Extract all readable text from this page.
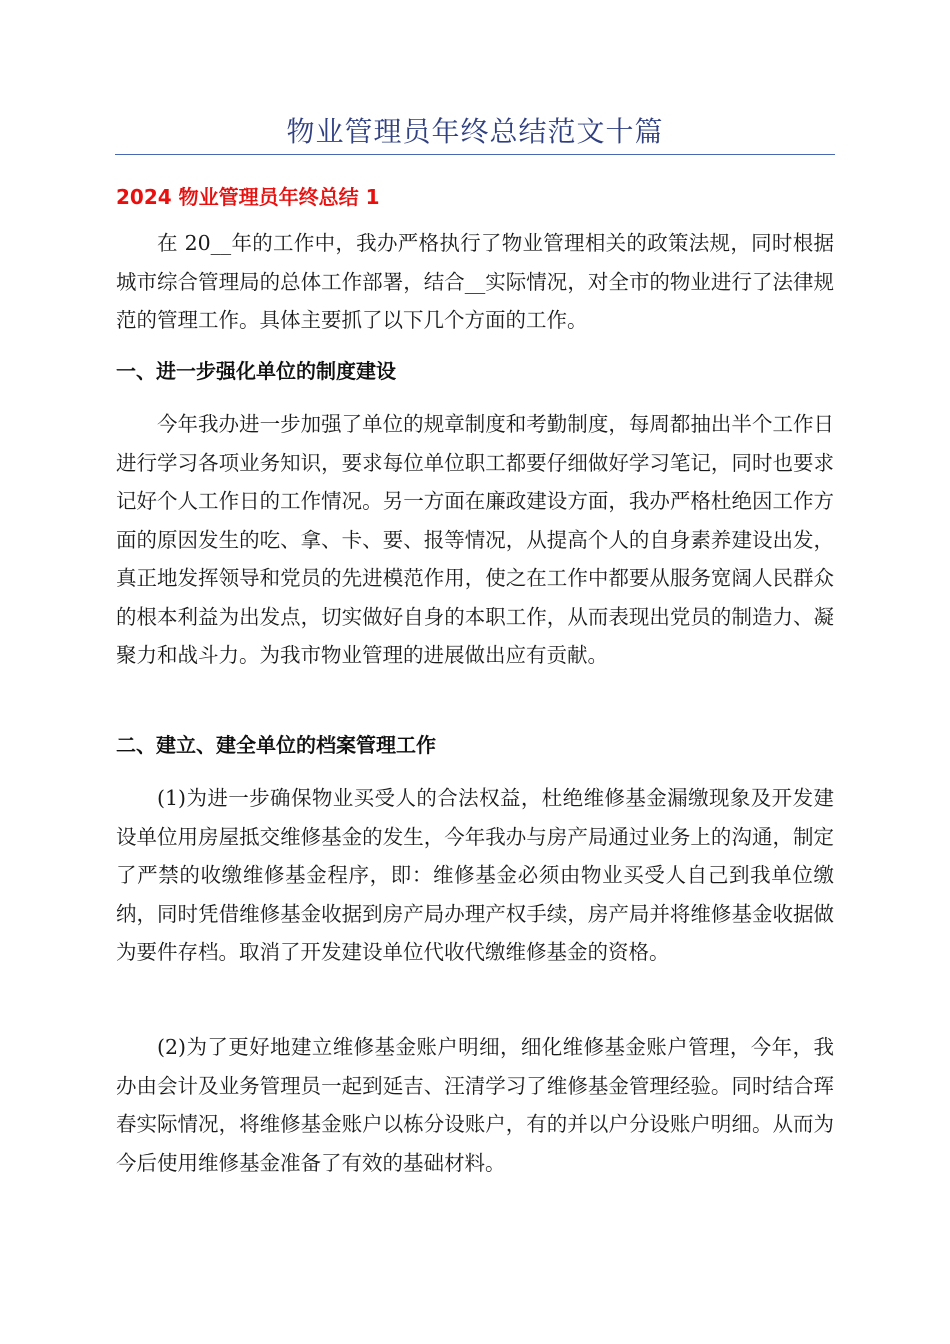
物业管理员年终总结范文十篇
2024 物业管理员年终总结 1

在 20__年的工作中，我办严格执行了物业管理相关的政策法规，同时根据城市综合管理局的总体工作部署，结合__实际情况，对全市的物业进行了法律规范的管理工作。具体主要抓了以下几个方面的工作。

一、进一步强化单位的制度建设

今年我办进一步加强了单位的规章制度和考勤制度，每周都抽出半个工作日进行学习各项业务知识，要求每位单位职工都要仔细做好学习笔记，同时也要求记好个人工作日的工作情况。另一方面在廉政建设方面，我办严格杜绝因工作方面的原因发生的吃、拿、卡、要、报等情况，从提高个人的自身素养建设出发，真正地发挥领导和党员的先进模范作用，使之在工作中都要从服务宽阔人民群众的根本利益为出发点，切实做好自身的本职工作，从而表现出党员的制造力、凝聚力和战斗力。为我市物业管理的进展做出应有贡献。

二、建立、建全单位的档案管理工作

(1)为进一步确保物业买受人的合法权益，杜绝维修基金漏缴现象及开发建设单位用房屋抵交维修基金的发生，今年我办与房产局通过业务上的沟通，制定了严禁的收缴维修基金程序，即：维修基金必须由物业买受人自己到我单位缴纳，同时凭借维修基金收据到房产局办理产权手续，房产局并将维修基金收据做为要件存档。取消了开发建设单位代收代缴维修基金的资格。

(2)为了更好地建立维修基金账户明细，细化维修基金账户管理，今年，我办由会计及业务管理员一起到延吉、汪清学习了维修基金管理经验。同时结合珲春实际情况，将维修基金账户以栋分设账户，有的并以户分设账户明细。从而为今后使用维修基金准备了有效的基础材料。
